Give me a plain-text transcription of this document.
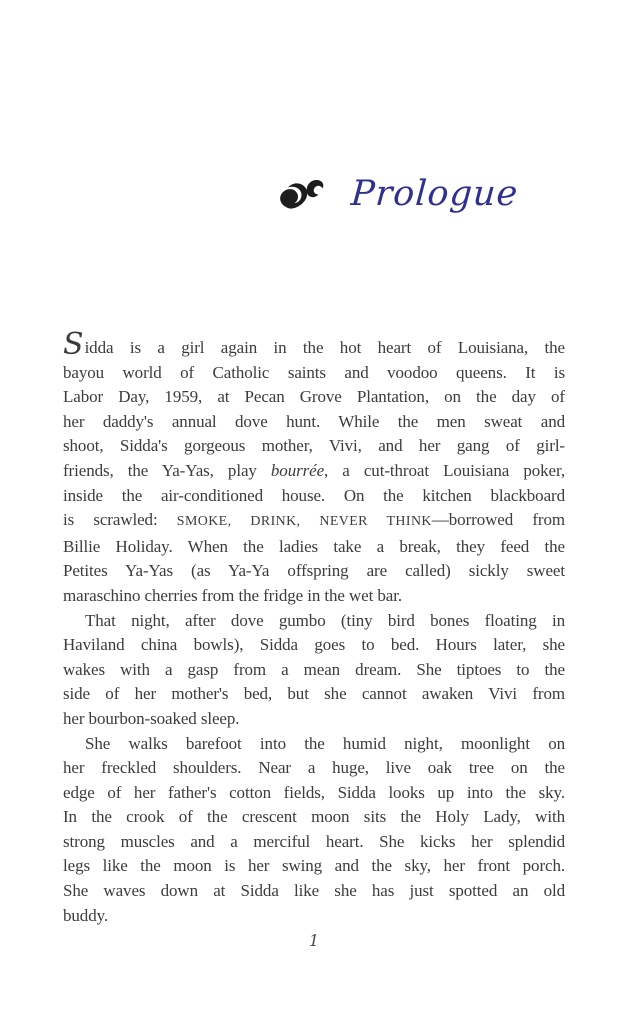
Prologue
Sidda is a girl again in the hot heart of Louisiana, the
bayou world of Catholic saints and voodoo queens. It is
Labor Day, 1959, at Pecan Grove Plantation, on the day of
her daddy's annual dove hunt. While the men sweat and
shoot, Sidda's gorgeous mother, Vivi, and her gang of girl-
friends, the Ya-Yas, play bourrée, a cut-throat Louisiana poker,
inside the air-conditioned house. On the kitchen blackboard
is scrawled: SMOKE, DRINK, NEVER THINK—borrowed from
Billie Holiday. When the ladies take a break, they feed the
Petites Ya-Yas (as Ya-Ya offspring are called) sickly sweet
maraschino cherries from the fridge in the wet bar.
That night, after dove gumbo (tiny bird bones floating in
Haviland china bowls), Sidda goes to bed. Hours later, she
wakes with a gasp from a mean dream. She tiptoes to the
side of her mother's bed, but she cannot awaken Vivi from
her bourbon-soaked sleep.
She walks barefoot into the humid night, moonlight on
her freckled shoulders. Near a huge, live oak tree on the
edge of her father's cotton fields, Sidda looks up into the sky.
In the crook of the crescent moon sits the Holy Lady, with
strong muscles and a merciful heart. She kicks her splendid
legs like the moon is her swing and the sky, her front porch.
She waves down at Sidda like she has just spotted an old
buddy.
1
